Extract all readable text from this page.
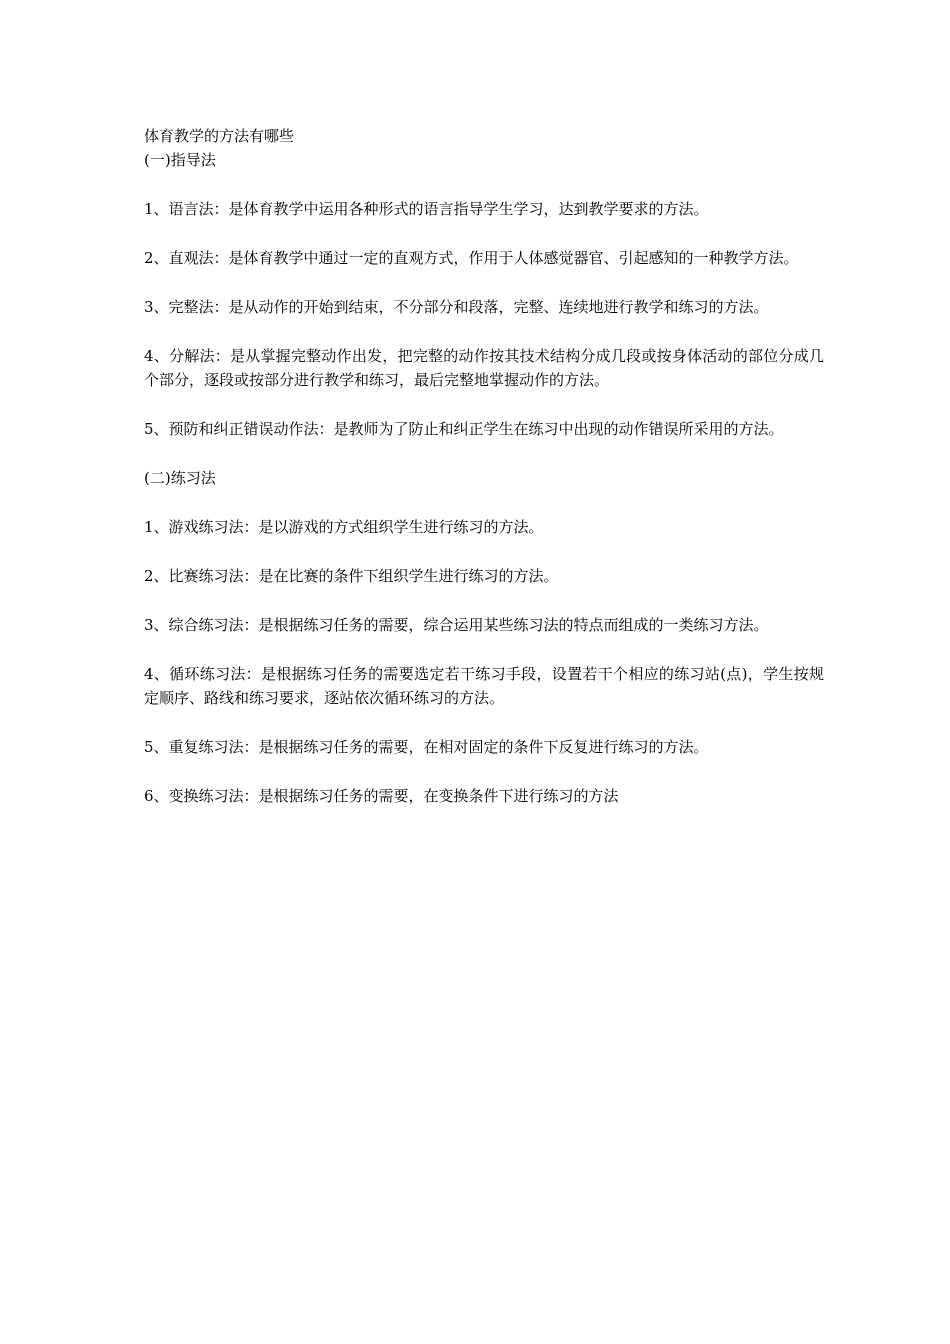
体育教学的方法有哪些

(一)指导法

1、语言法：是体育教学中运用各种形式的语言指导学生学习，达到教学要求的方法。

2、直观法：是体育教学中通过一定的直观方式，作用于人体感觉器官、引起感知的一种教学方法。

3、完整法：是从动作的开始到结束，不分部分和段落，完整、连续地进行教学和练习的方法。

4、分解法：是从掌握完整动作出发，把完整的动作按其技术结构分成几段或按身体活动的部位分成几个部分，逐段或按部分进行教学和练习，最后完整地掌握动作的方法。

5、预防和纠正错误动作法：是教师为了防止和纠正学生在练习中出现的动作错误所采用的方法。

(二)练习法

1、游戏练习法：是以游戏的方式组织学生进行练习的方法。

2、比赛练习法：是在比赛的条件下组织学生进行练习的方法。

3、综合练习法：是根据练习任务的需要，综合运用某些练习法的特点而组成的一类练习方法。

4、循环练习法：是根据练习任务的需要选定若干练习手段，设置若干个相应的练习站(点)，学生按规定顺序、路线和练习要求，逐站依次循环练习的方法。

5、重复练习法：是根据练习任务的需要，在相对固定的条件下反复进行练习的方法。

6、变换练习法：是根据练习任务的需要，在变换条件下进行练习的方法
